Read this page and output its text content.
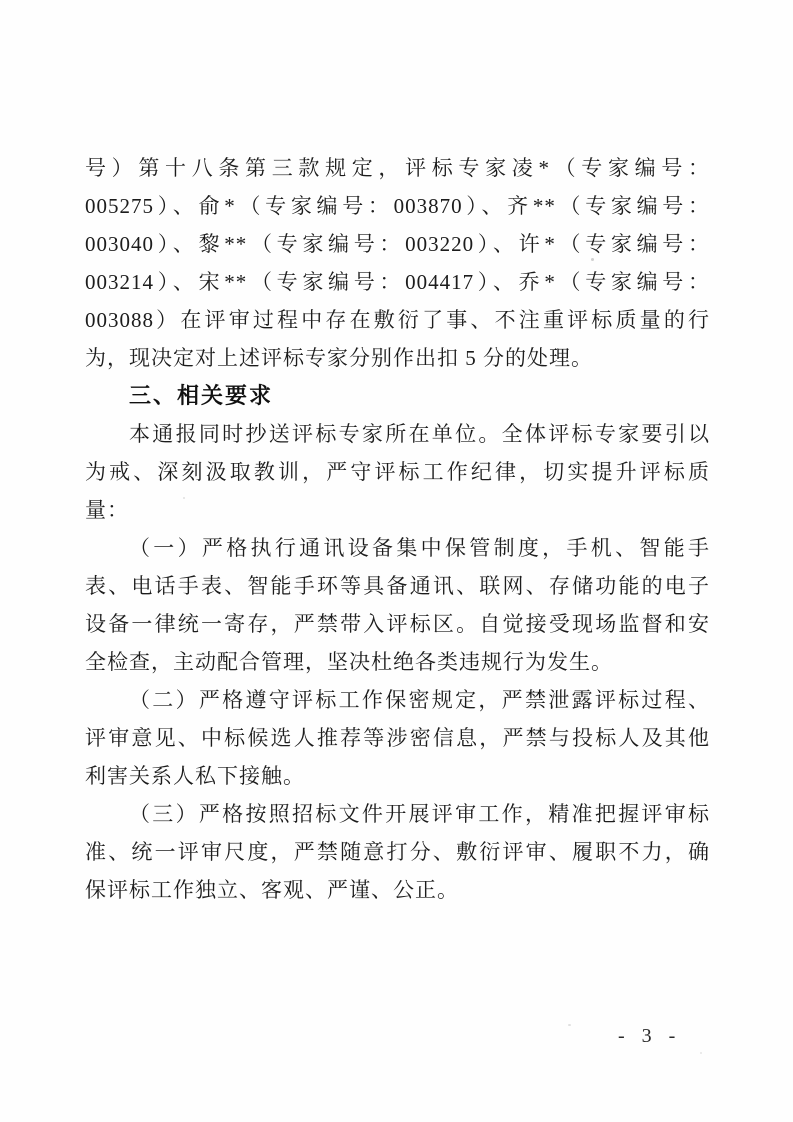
号）第十八条第三款规定，评标专家凌*（专家编号：

005275）、俞*（专家编号：003870）、齐**（专家编号：

003040）、黎**（专家编号：003220）、许*（专家编号：

003214）、宋**（专家编号：004417）、乔*（专家编号：

003088）在评审过程中存在敷衍了事、不注重评标质量的行

为，现决定对上述评标专家分别作出扣 5 分的处理。

三、相关要求

本通报同时抄送评标专家所在单位。全体评标专家要引以

为戒、深刻汲取教训，严守评标工作纪律，切实提升评标质

量：

（一）严格执行通讯设备集中保管制度，手机、智能手

表、电话手表、智能手环等具备通讯、联网、存储功能的电子

设备一律统一寄存，严禁带入评标区。自觉接受现场监督和安

全检查，主动配合管理，坚决杜绝各类违规行为发生。

（二）严格遵守评标工作保密规定，严禁泄露评标过程、

评审意见、中标候选人推荐等涉密信息，严禁与投标人及其他

利害关系人私下接触。

（三）严格按照招标文件开展评审工作，精准把握评审标

准、统一评审尺度，严禁随意打分、敷衍评审、履职不力，确

保评标工作独立、客观、严谨、公正。

- 3 -
